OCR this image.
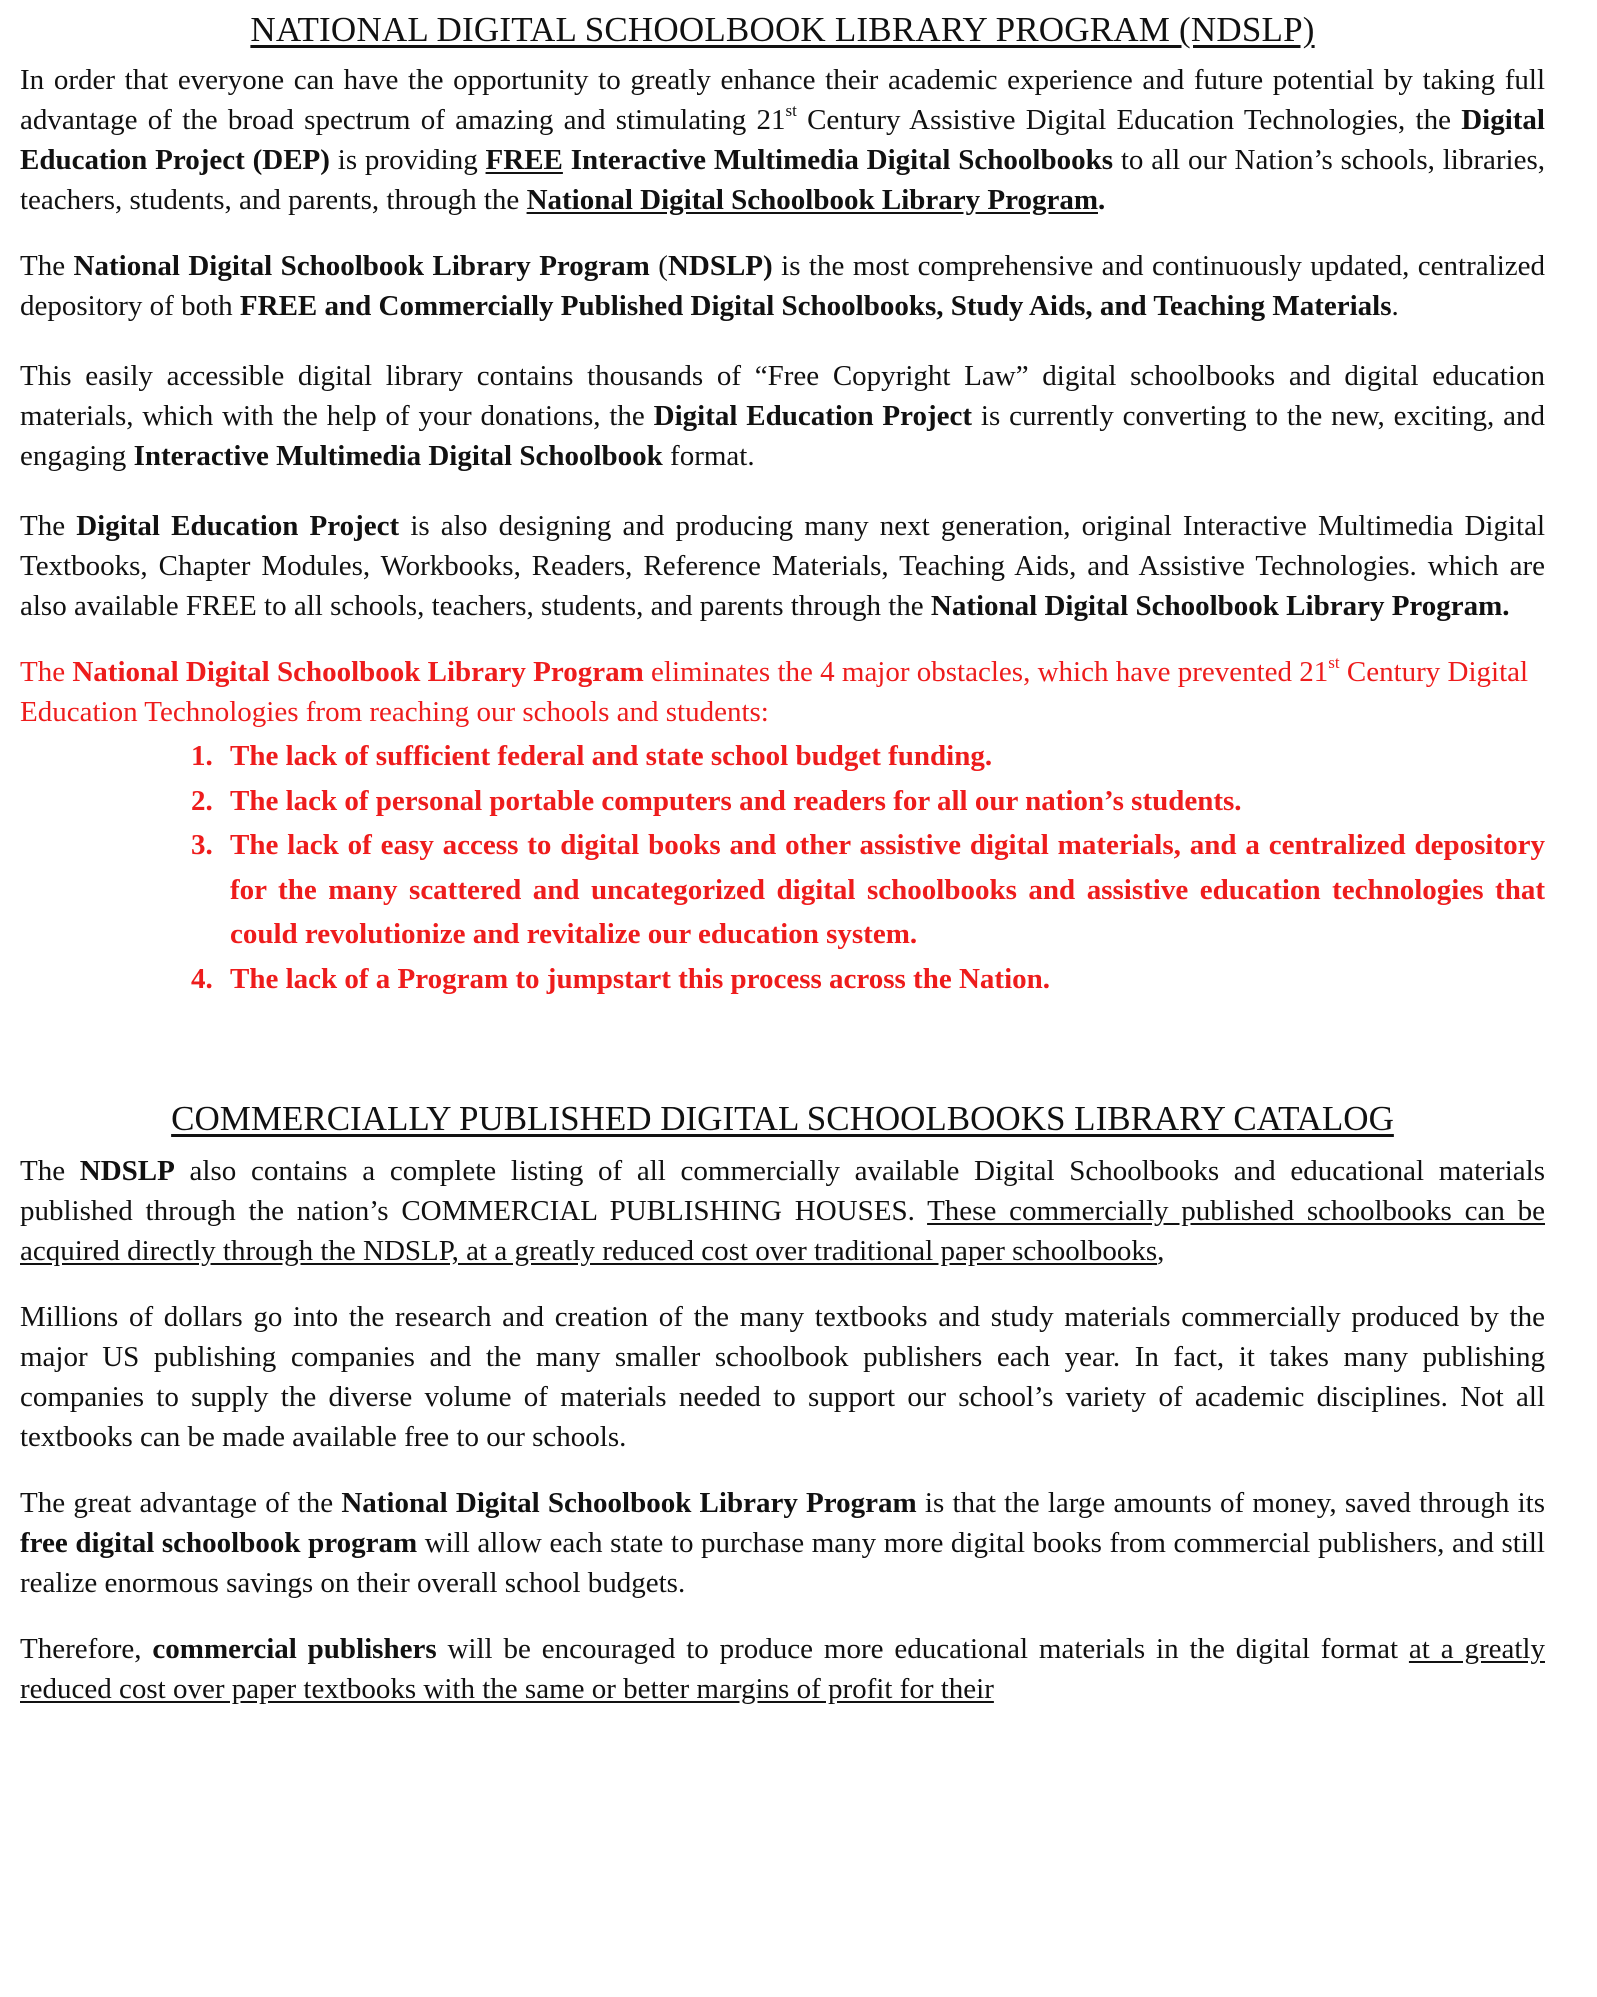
NATIONAL DIGITAL SCHOOLBOOK LIBRARY PROGRAM (NDSLP)

In order that everyone can have the opportunity to greatly enhance their academic experience and future potential by taking full advantage of the broad spectrum of amazing and stimulating 21st Century Assistive Digital Education Technologies, the Digital Education Project (DEP) is providing FREE Interactive Multimedia Digital Schoolbooks to all our Nation’s schools, libraries, teachers, students, and parents, through the National Digital Schoolbook Library Program.

The National Digital Schoolbook Library Program (NDSLP) is the most comprehensive and continuously updated, centralized depository of both FREE and Commercially Published Digital Schoolbooks, Study Aids, and Teaching Materials.

This easily accessible digital library contains thousands of “Free Copyright Law” digital schoolbooks and digital education materials, which with the help of your donations, the Digital Education Project is currently converting to the new, exciting, and engaging Interactive Multimedia Digital Schoolbook format.

The Digital Education Project is also designing and producing many next generation, original Interactive Multimedia Digital Textbooks, Chapter Modules, Workbooks, Readers, Reference Materials, Teaching Aids, and Assistive Technologies. which are also available FREE to all schools, teachers, students, and parents through the National Digital Schoolbook Library Program.

The National Digital Schoolbook Library Program eliminates the 4 major obstacles, which have prevented 21st Century Digital Education Technologies from reaching our schools and students:

1. The lack of sufficient federal and state school budget funding.
2. The lack of personal portable computers and readers for all our nation’s students.
3. The lack of easy access to digital books and other assistive digital materials, and a centralized depository for the many scattered and uncategorized digital schoolbooks and assistive education technologies that could revolutionize and revitalize our education system.
4. The lack of a Program to jumpstart this process across the Nation.
COMMERCIALLY PUBLISHED DIGITAL SCHOOLBOOKS LIBRARY CATALOG

The NDSLP also contains a complete listing of all commercially available Digital Schoolbooks and educational materials published through the nation’s COMMERCIAL PUBLISHING HOUSES. These commercially published schoolbooks can be acquired directly through the NDSLP, at a greatly reduced cost over traditional paper schoolbooks,

Millions of dollars go into the research and creation of the many textbooks and study materials commercially produced by the major US publishing companies and the many smaller schoolbook publishers each year. In fact, it takes many publishing companies to supply the diverse volume of materials needed to support our school’s variety of academic disciplines. Not all textbooks can be made available free to our schools.

The great advantage of the National Digital Schoolbook Library Program is that the large amounts of money, saved through its free digital schoolbook program will allow each state to purchase many more digital books from commercial publishers, and still realize enormous savings on their overall school budgets.

Therefore, commercial publishers will be encouraged to produce more educational materials in the digital format at a greatly reduced cost over paper textbooks with the same or better margins of profit for their
